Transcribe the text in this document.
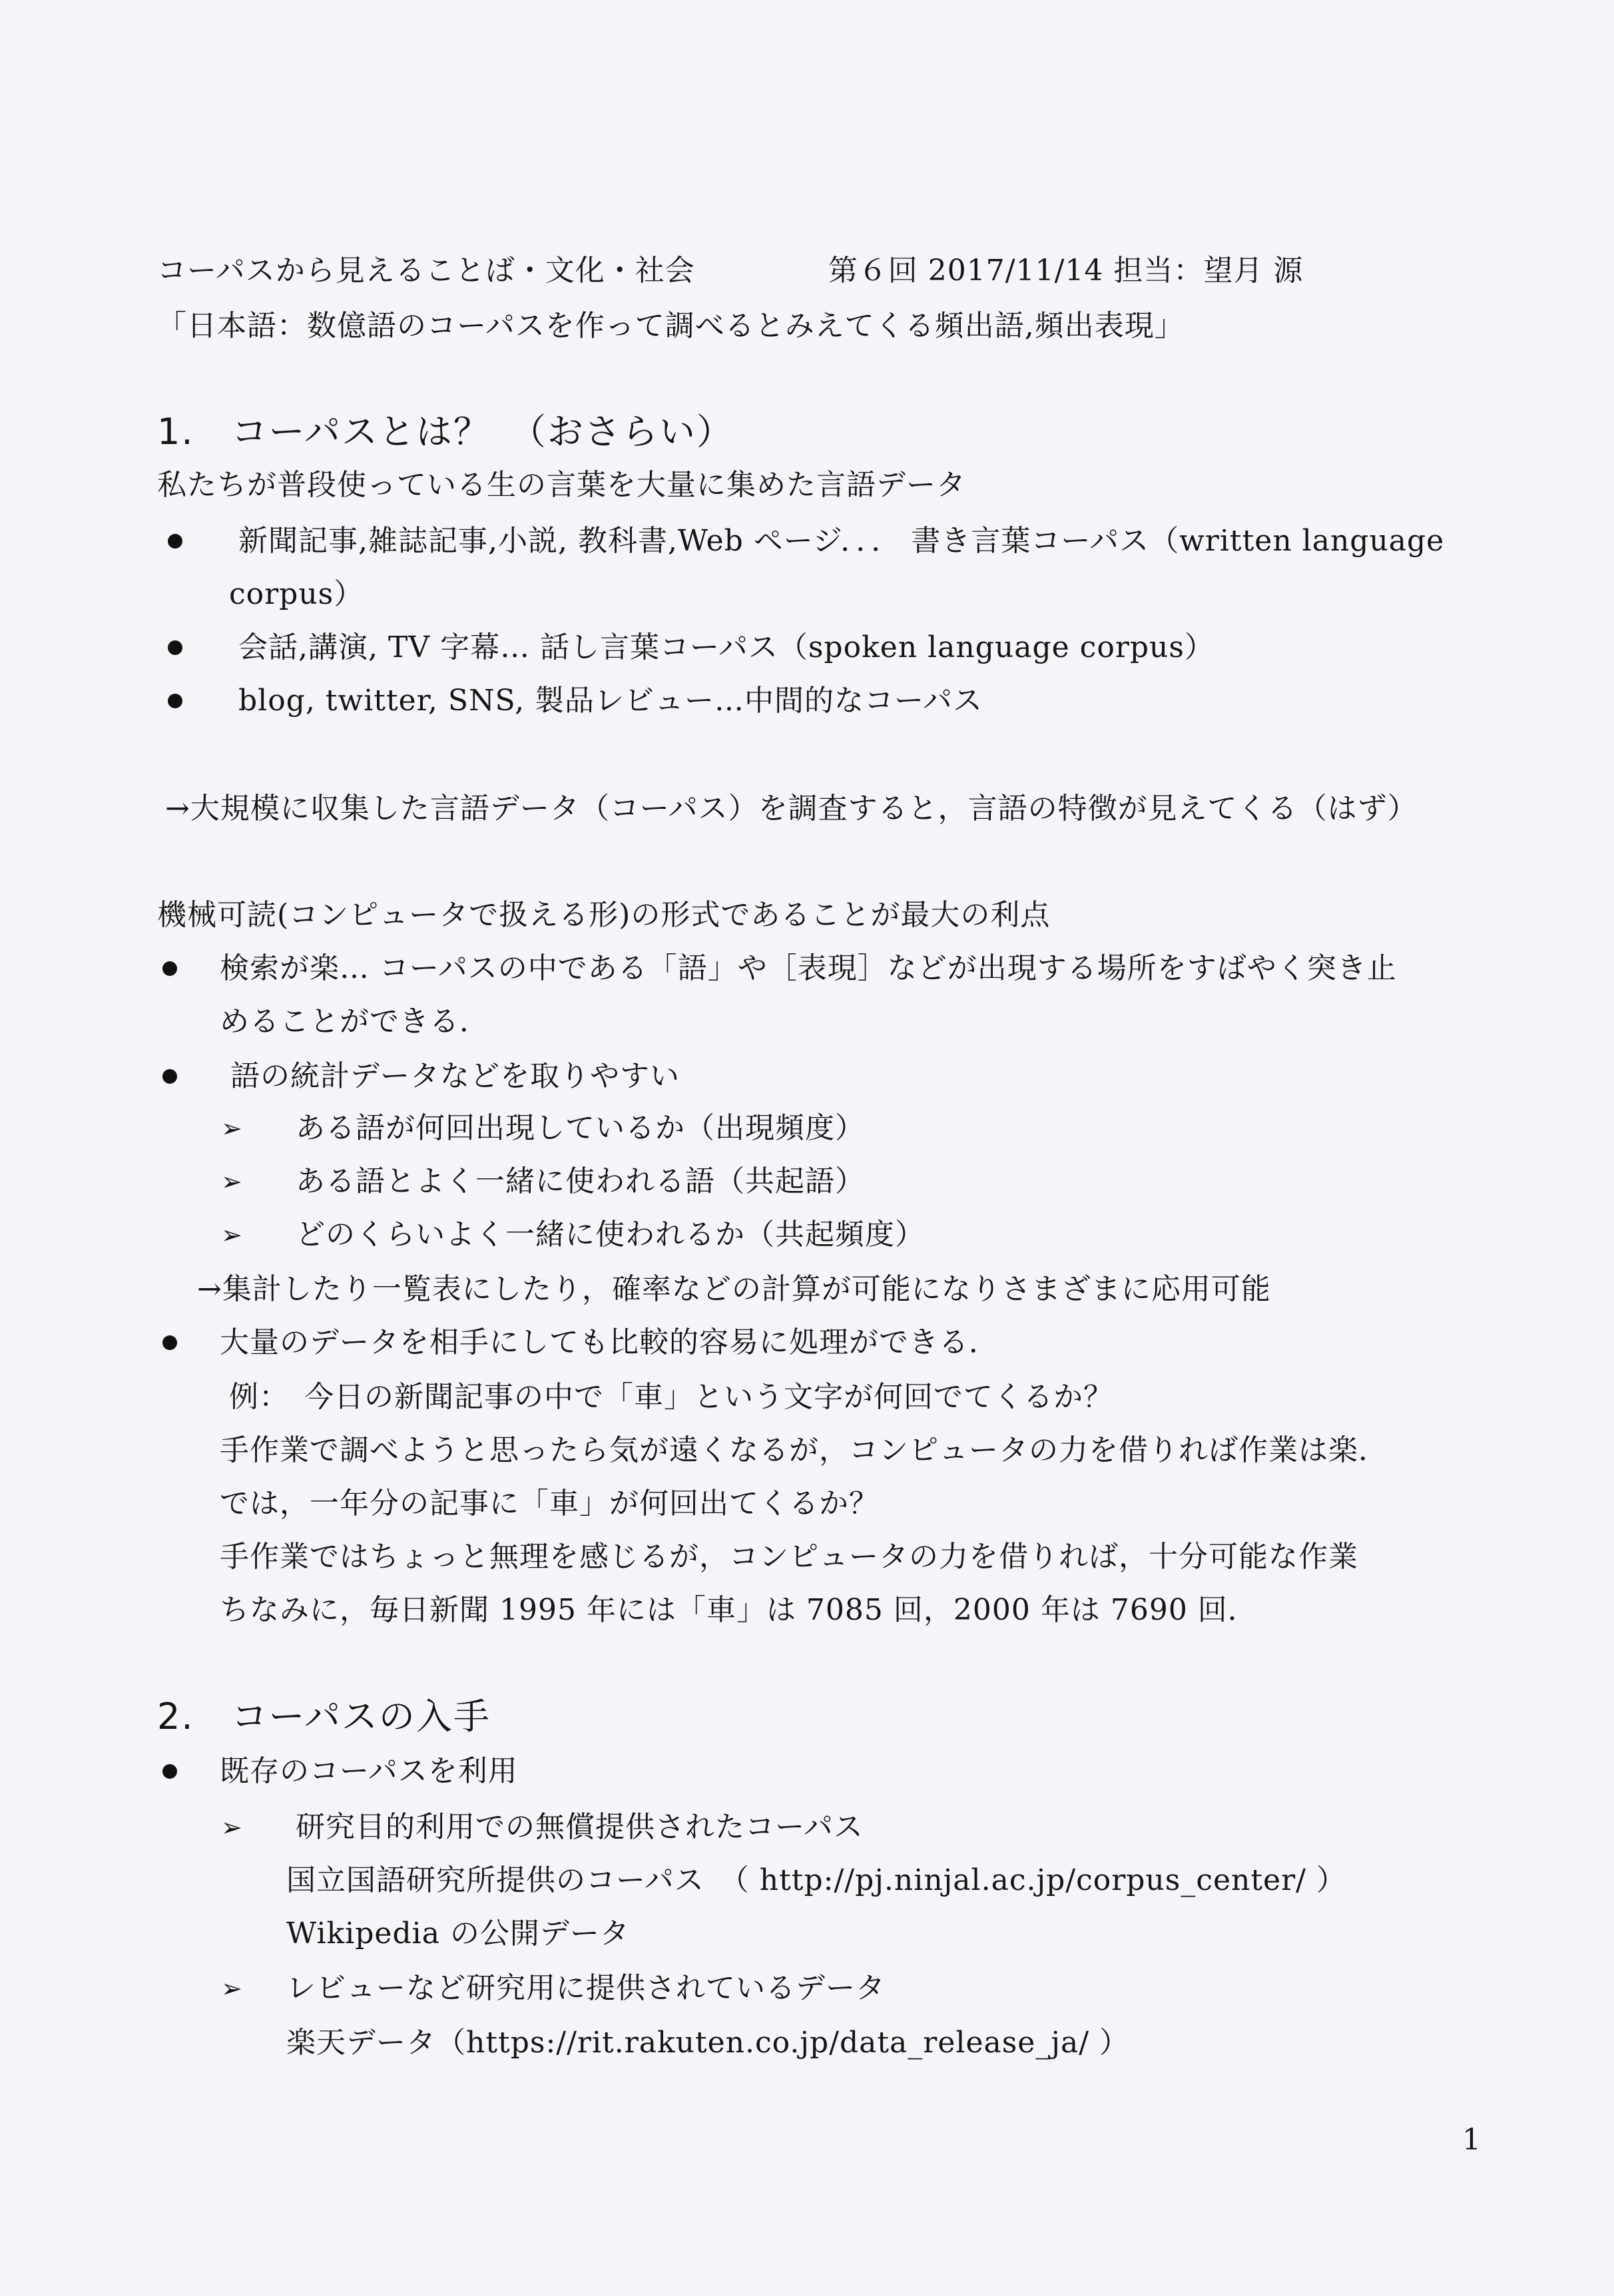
コーパスから見えることば・文化・社会	第６回 2017/11/14 担当：望月 源
「日本語：数億語のコーパスを作って調べるとみえてくる頻出語,頻出表現」
1.　コーパスとは？　（おさらい）
私たちが普段使っている生の言葉を大量に集めた言語データ
新聞記事,雑誌記事,小説, 教科書,Web ページ．．． 書き言葉コーパス（written language
corpus）
会話,講演, TV 字幕… 話し言葉コーパス（spoken language corpus）
blog, twitter, SNS, 製品レビュー…中間的なコーパス
→大規模に収集した言語データ（コーパス）を調査すると，言語の特徴が見えてくる（はず）
機械可読(コンピュータで扱える形)の形式であることが最大の利点
検索が楽… コーパスの中である「語」や［表現］などが出現する場所をすばやく突き止
めることができる．
語の統計データなどを取りやすい
➢ ある語が何回出現しているか（出現頻度）
➢ ある語とよく一緒に使われる語（共起語）
➢ どのくらいよく一緒に使われるか（共起頻度）
→集計したり一覧表にしたり，確率などの計算が可能になりさまざまに応用可能
大量のデータを相手にしても比較的容易に処理ができる．
例：　今日の新聞記事の中で「車」という文字が何回でてくるか？
手作業で調べようと思ったら気が遠くなるが，コンピュータの力を借りれば作業は楽．
では，一年分の記事に「車」が何回出てくるか？
手作業ではちょっと無理を感じるが，コンピュータの力を借りれば，十分可能な作業
ちなみに，毎日新聞 1995 年には「車」は 7085 回，2000 年は 7690 回．
2.　コーパスの入手
既存のコーパスを利用
➢ 研究目的利用での無償提供されたコーパス
国立国語研究所提供のコーパス　（ http://pj.ninjal.ac.jp/corpus_center/ ）
Wikipedia の公開データ
➢ レビューなど研究用に提供されているデータ
楽天データ（https://rit.rakuten.co.jp/data_release_ja/ ）
1
